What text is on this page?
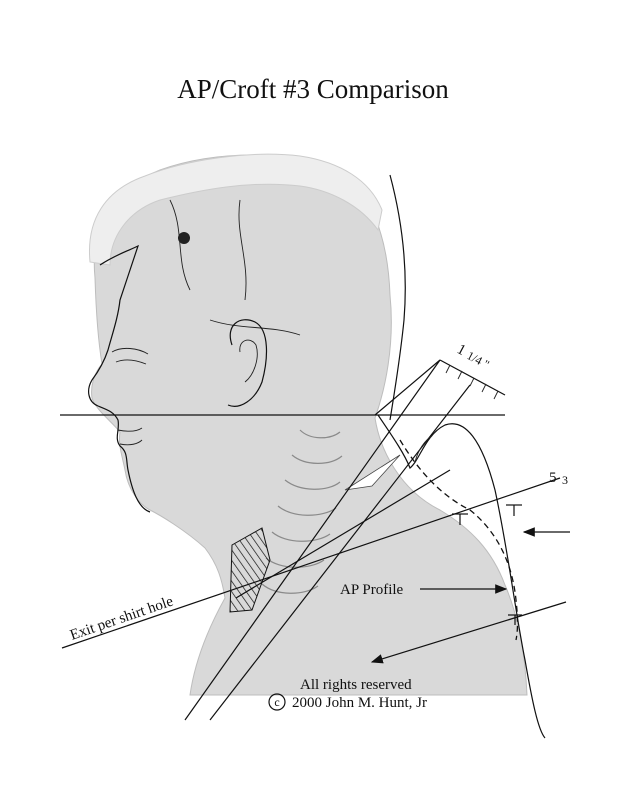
AP/Croft #3 Comparison
1
1/4 "
5 3
Exit per shirt hole
AP Profile
All rights reserved
c 2000 John M. Hunt, Jr
